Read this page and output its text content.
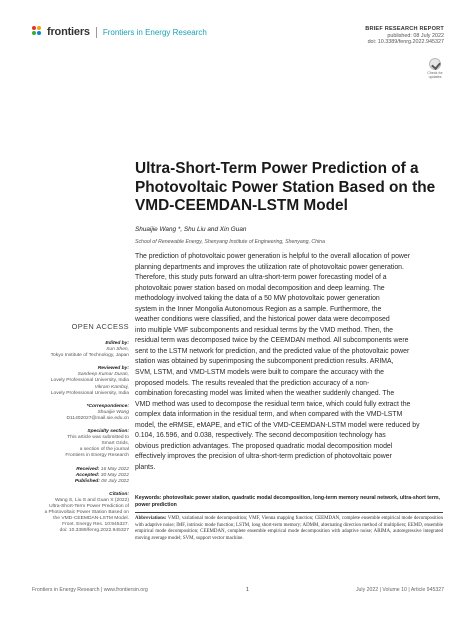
frontiers Frontiers in Energy Research	BRIEF RESEARCH REPORT
published: 08 July 2022
doi: 10.3389/fenrg.2022.945327
Check for updates
Ultra-Short-Term Power Prediction of a Photovoltaic Power Station Based on the VMD-CEEMDAN-LSTM Model
Shuaijie Wang *, Shu Liu and Xin Guan
School of Renewable Energy, Shenyang Institute of Engineering, Shenyang, China
The prediction of photovoltaic power generation is helpful to the overall allocation of power
planning departments and improves the utilization rate of photovoltaic power generation.
Therefore, this study puts forward an ultra-short-term power forecasting model of a
photovoltaic power station based on modal decomposition and deep learning. The
methodology involved taking the data of a 50 MW photovoltaic power generation
system in the Inner Mongolia Autonomous Region as a sample. Furthermore, the
weather conditions were classified, and the historical power data were decomposed
into multiple VMF subcomponents and residual terms by the VMD method. Then, the
residual term was decomposed twice by the CEEMDAN method. All subcomponents were
sent to the LSTM network for prediction, and the predicted value of the photovoltaic power
station was obtained by superimposing the subcomponent prediction results. ARIMA,
SVM, LSTM, and VMD-LSTM models were built to compare the accuracy with the
proposed models. The results revealed that the prediction accuracy of a non-
combination forecasting model was limited when the weather suddenly changed. The
VMD method was used to decompose the residual term twice, which could fully extract the
complex data information in the residual term, and when compared with the VMD-LSTM
model, the eRMSE, eMAPE, and eTIC of the VMD-CEEMDAN-LSTM model were reduced by
0.104, 16.596, and 0.038, respectively. The second decomposition technology has
obvious prediction advantages. The proposed quadratic modal decomposition model
effectively improves the precision of ultra-short-term prediction of photovoltaic power
plants.
OPEN ACCESS
Edited by:
Xun Shen,
Tokyo Institute of Technology, Japan
Reviewed by:
Sandeep Kumar Duran,
Lovely Professional University, India
Vikram Kamboj,
Lovely Professional University, India
*Correspondence:
Shuaijie Wang
D11402027@mail.sie.edu.cn
Specialty section:
This article was submitted to
Smart Grids,
a section of the journal
Frontiers in Energy Research
Received: 16 May 2022
Accepted: 30 May 2022
Published: 08 July 2022
Citation:
Wang S, Liu S and Guan X (2022)
Ultra-Short-Term Power Prediction of
a Photovoltaic Power Station Based on
the VMD-CEEMDAN-LSTM Model.
Front. Energy Res. 10:945327.
doi: 10.3389/fenrg.2022.945327
Keywords: photovoltaic power station, quadratic modal decomposition, long-term memory neural network, ultra-short term, power prediction
Abbreviations: VMD, variational mode decomposition; VMF, Vienna mapping function; CEEMDAN, complete ensemble empirical mode decomposition with adaptive noise; IMF, intrinsic mode function; LSTM, long short-term memory; ADMM, alternating direction method of multipliers; EEMD, ensemble empirical mode decomposition; CEEMDAN, complete ensemble empirical mode decomposition with adaptive noise; ARIMA, autoregressive integrated moving average model; SVM, support vector machine.
Frontiers in Energy Research | www.frontiersin.org	1	July 2022 | Volume 10 | Article 945327
